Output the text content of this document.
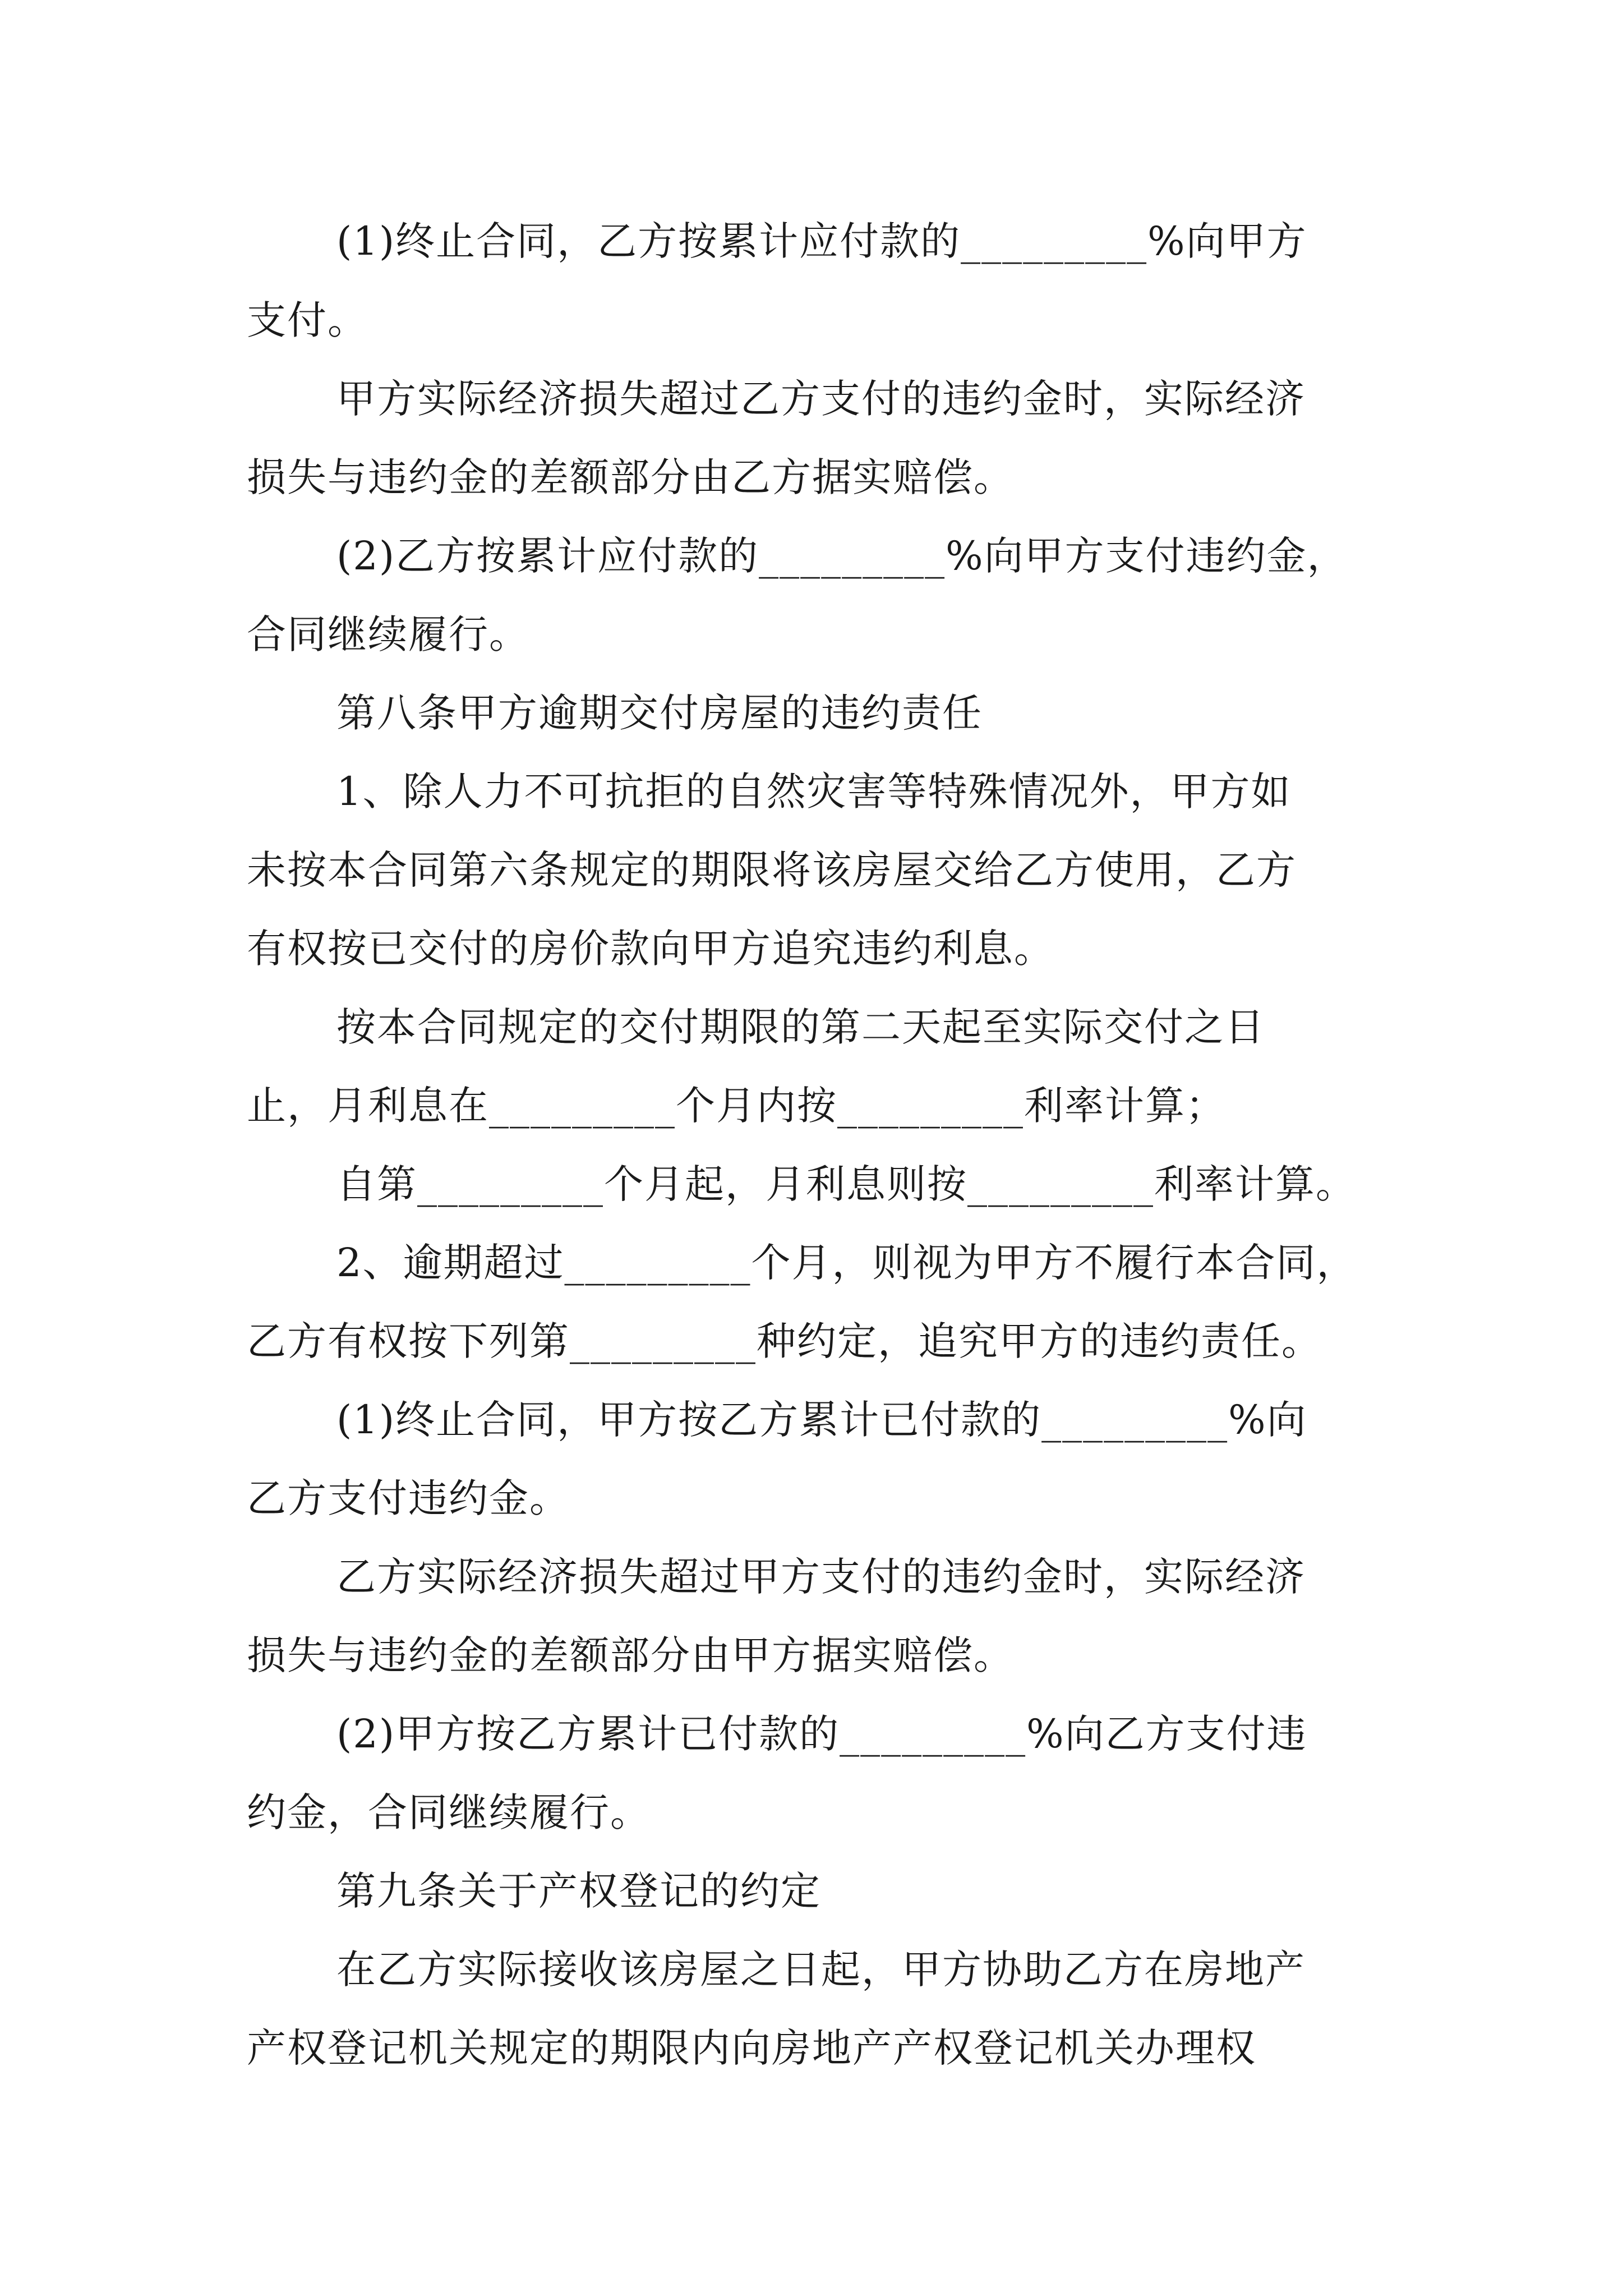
(1)终止合同，乙方按累计应付款的_________%向甲方
支付。
甲方实际经济损失超过乙方支付的违约金时，实际经济
损失与违约金的差额部分由乙方据实赔偿。
(2)乙方按累计应付款的_________%向甲方支付违约金，
合同继续履行。
第八条甲方逾期交付房屋的违约责任
1、除人力不可抗拒的自然灾害等特殊情况外，甲方如
未按本合同第六条规定的期限将该房屋交给乙方使用，乙方
有权按已交付的房价款向甲方追究违约利息。
按本合同规定的交付期限的第二天起至实际交付之日
止，月利息在_________个月内按_________利率计算；
自第_________个月起，月利息则按_________利率计算。
2、逾期超过_________个月，则视为甲方不履行本合同，
乙方有权按下列第_________种约定，追究甲方的违约责任。
(1)终止合同，甲方按乙方累计已付款的_________%向
乙方支付违约金。
乙方实际经济损失超过甲方支付的违约金时，实际经济
损失与违约金的差额部分由甲方据实赔偿。
(2)甲方按乙方累计已付款的_________%向乙方支付违
约金，合同继续履行。
第九条关于产权登记的约定
在乙方实际接收该房屋之日起，甲方协助乙方在房地产
产权登记机关规定的期限内向房地产产权登记机关办理权
